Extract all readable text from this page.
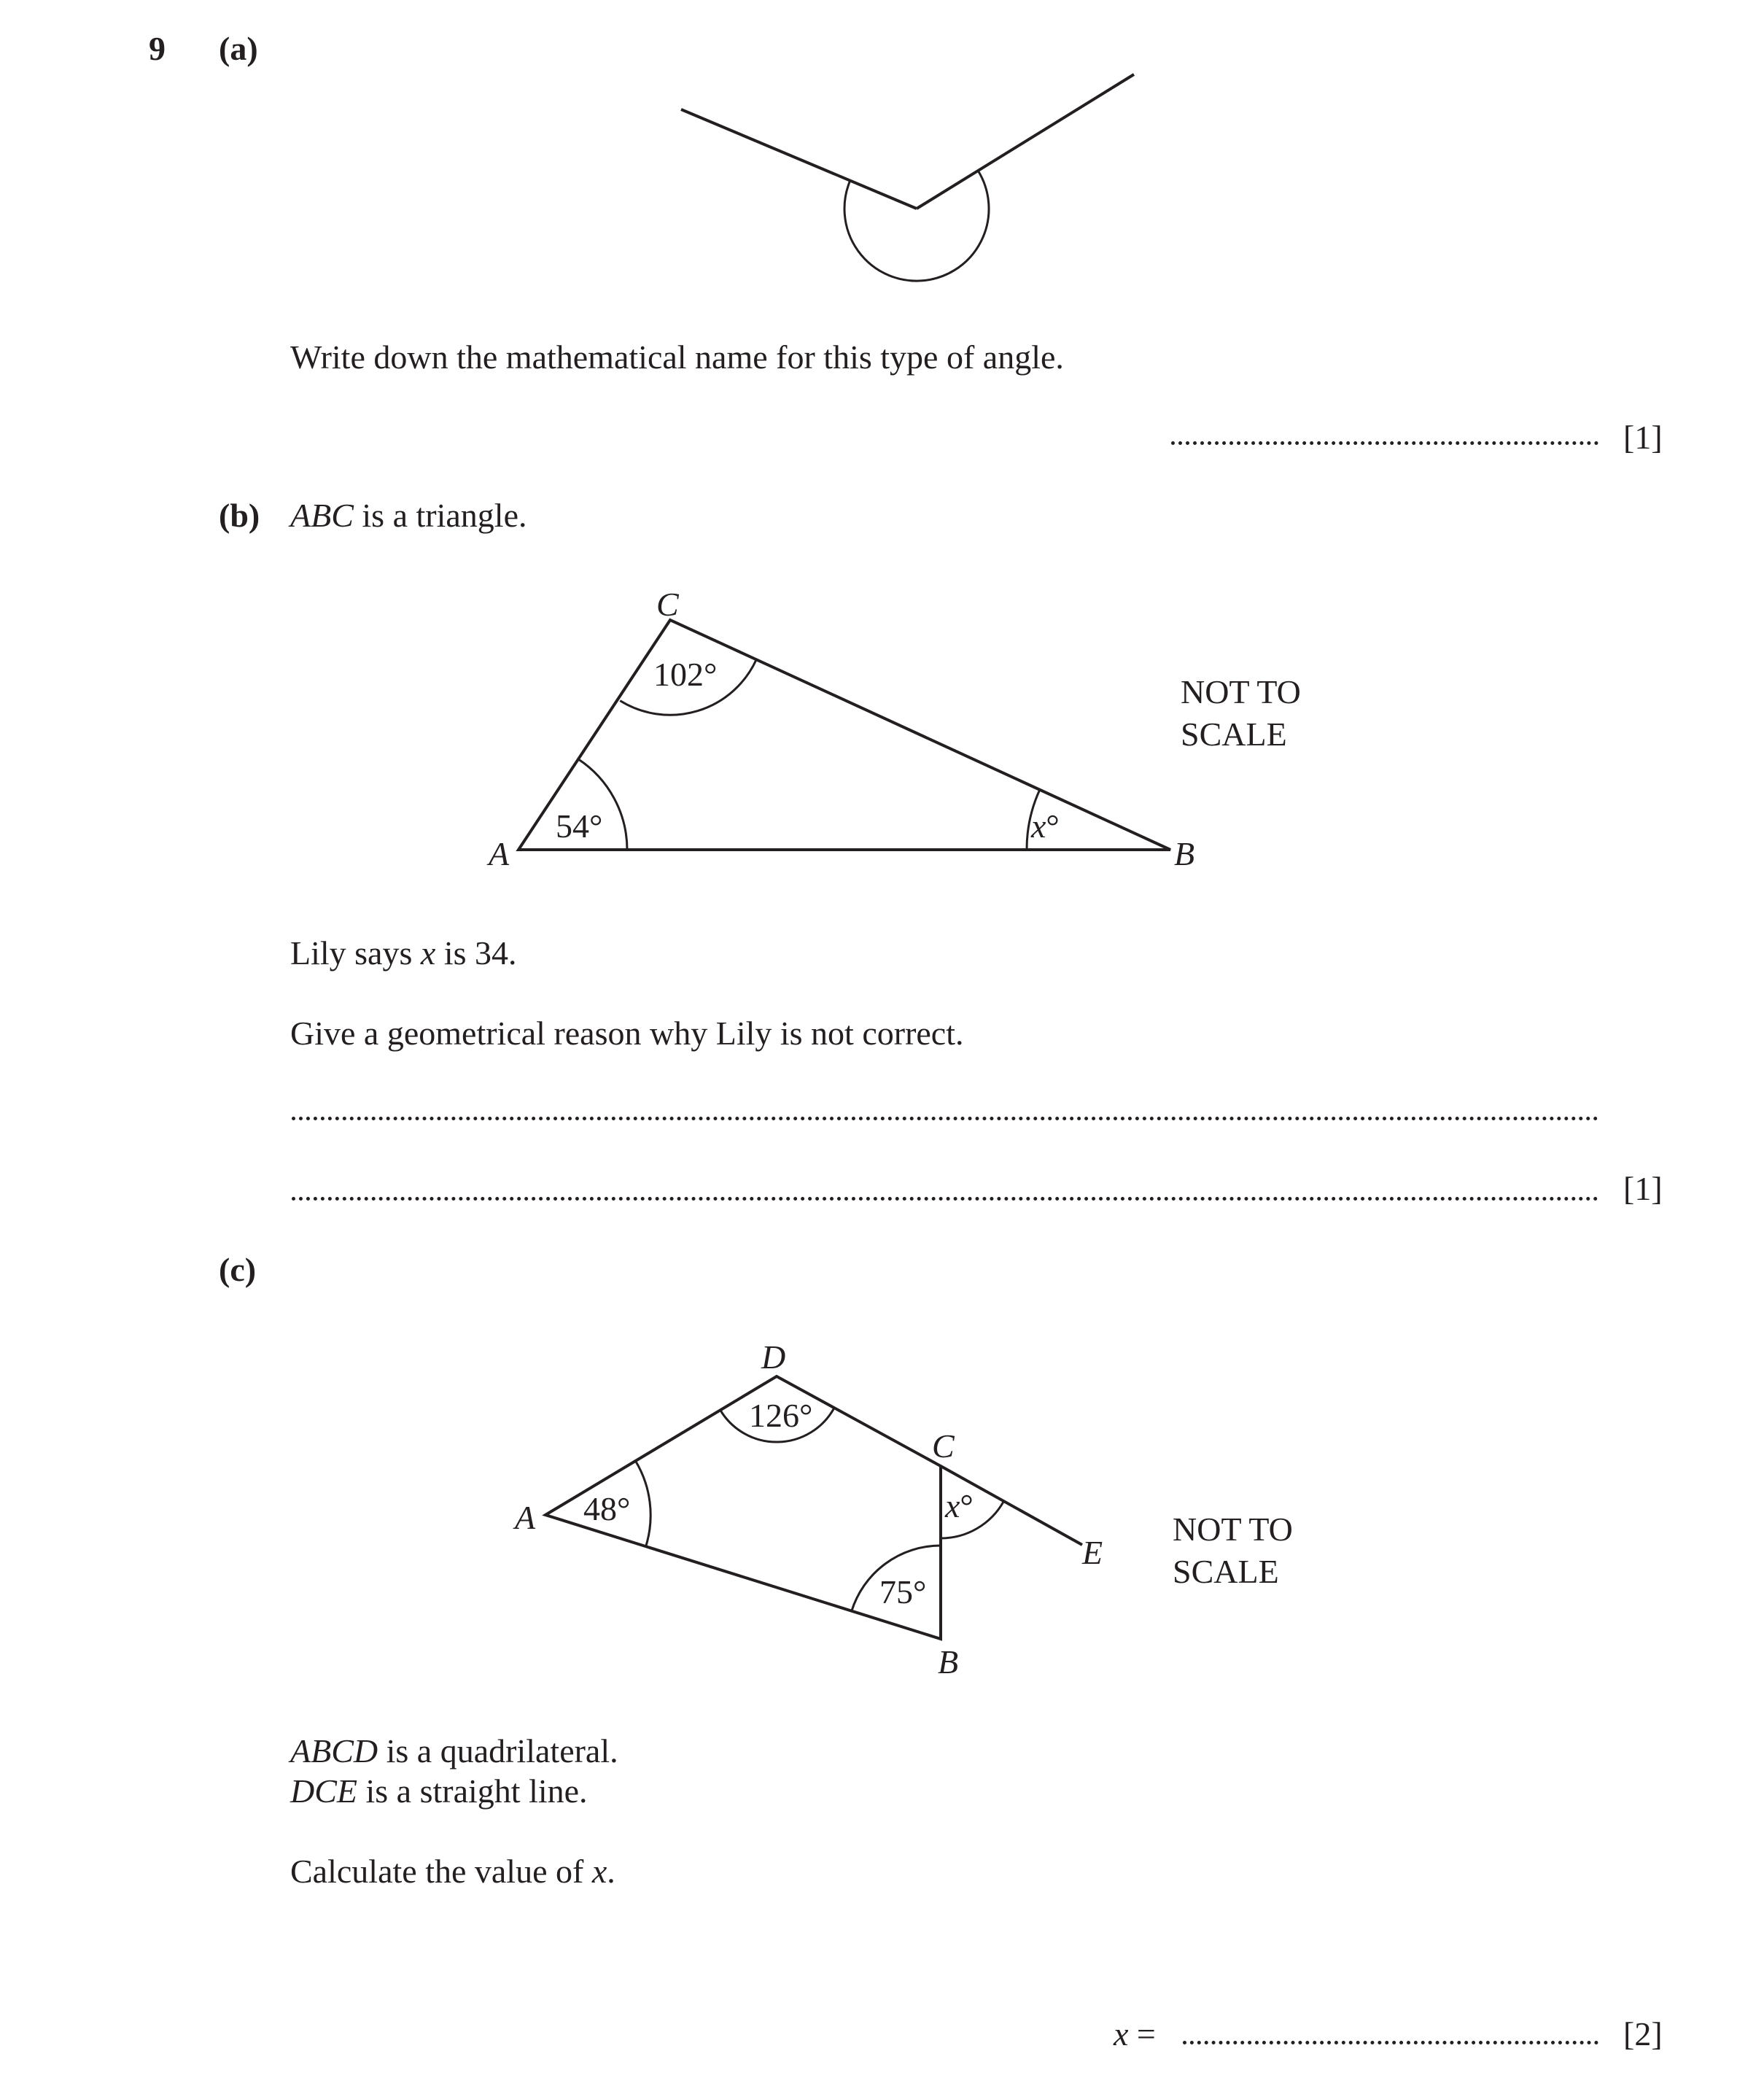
9 (a)
Write down the mathematical name for this type of angle.
[1]
(b) ABC is a triangle.
C
A	B
102°
54°	x°
NOT TO
SCALE
Lily says x is 34.
Give a geometrical reason why Lily is not correct.
[1]
(c)
D
C
A
B
E
126°
48°
75°
x°
NOT TO
SCALE
ABCD is a quadrilateral.
DCE is a straight line.
Calculate the value of x.
x =	[2]
